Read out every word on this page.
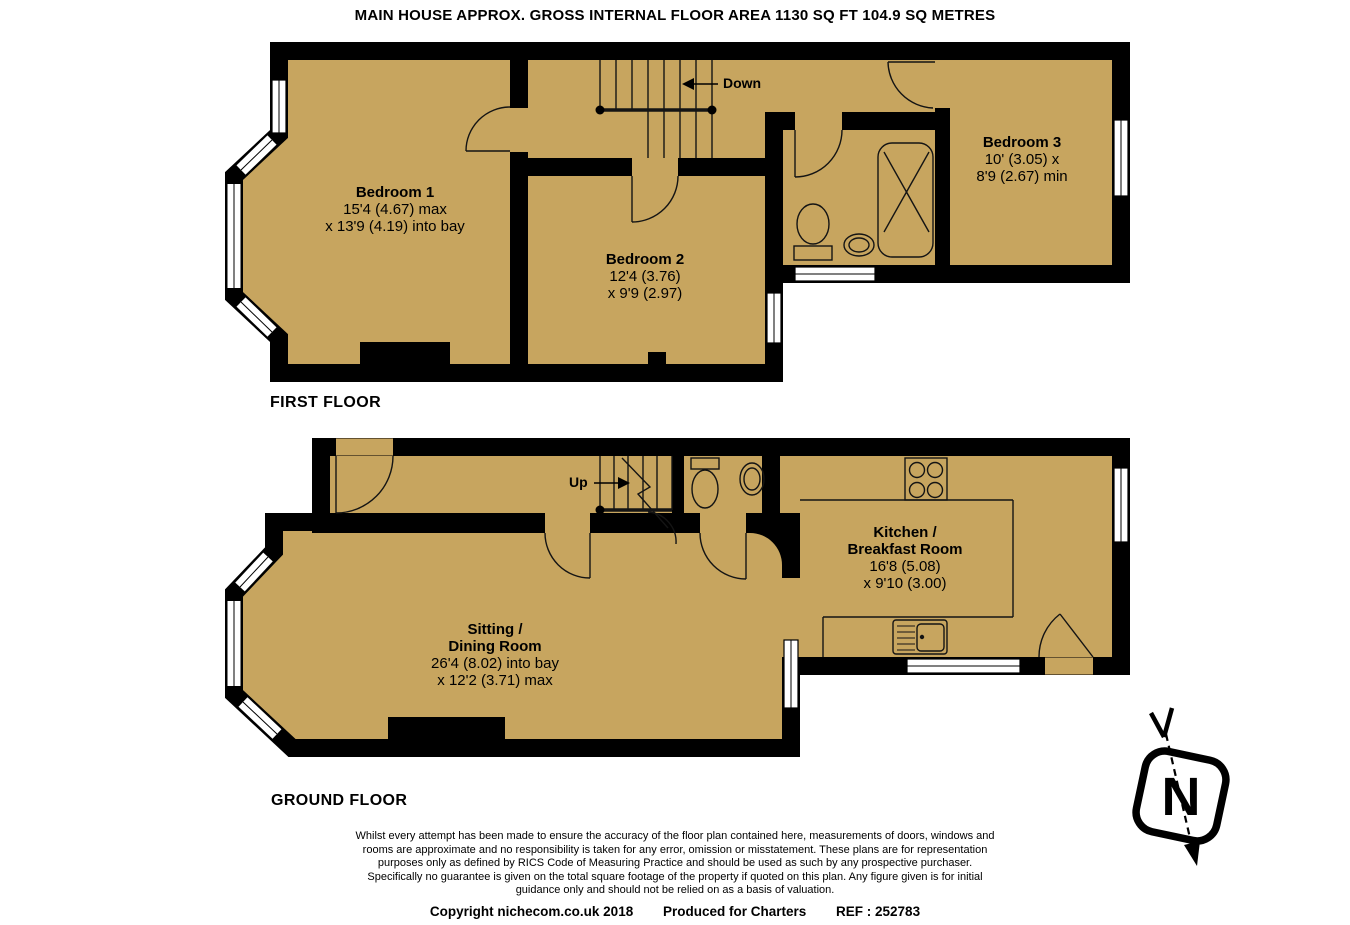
N
MAIN HOUSE APPROX. GROSS INTERNAL FLOOR AREA 1130 SQ FT 104.9 SQ METRES
Bedroom 1
15'4 (4.67) max
x 13'9 (4.19) into bay
Bedroom 2
12'4 (3.76)
x 9'9 (2.97)
Bedroom 3
10' (3.05) x
8'9 (2.67) min
Sitting /
Dining Room
26'4 (8.02) into bay
x 12'2 (3.71) max
Kitchen /
Breakfast Room
16'8 (5.08)
x 9'10 (3.00)
FIRST FLOOR
GROUND FLOOR
Down
Up
Whilst every attempt has been made to ensure the accuracy of the floor plan contained here, measurements of doors, windows and
rooms are approximate and no responsibility is taken for any error, omission or misstatement. These plans are for representation
purposes only as defined by RICS Code of Measuring Practice and should be used as such by any prospective purchaser.
Specifically no guarantee is given on the total square footage of the property if quoted on this plan. Any figure given is for initial
guidance only and should not be relied on as a basis of valuation.
Copyright nichecom.co.uk 2018 Produced for Charters REF : 252783
